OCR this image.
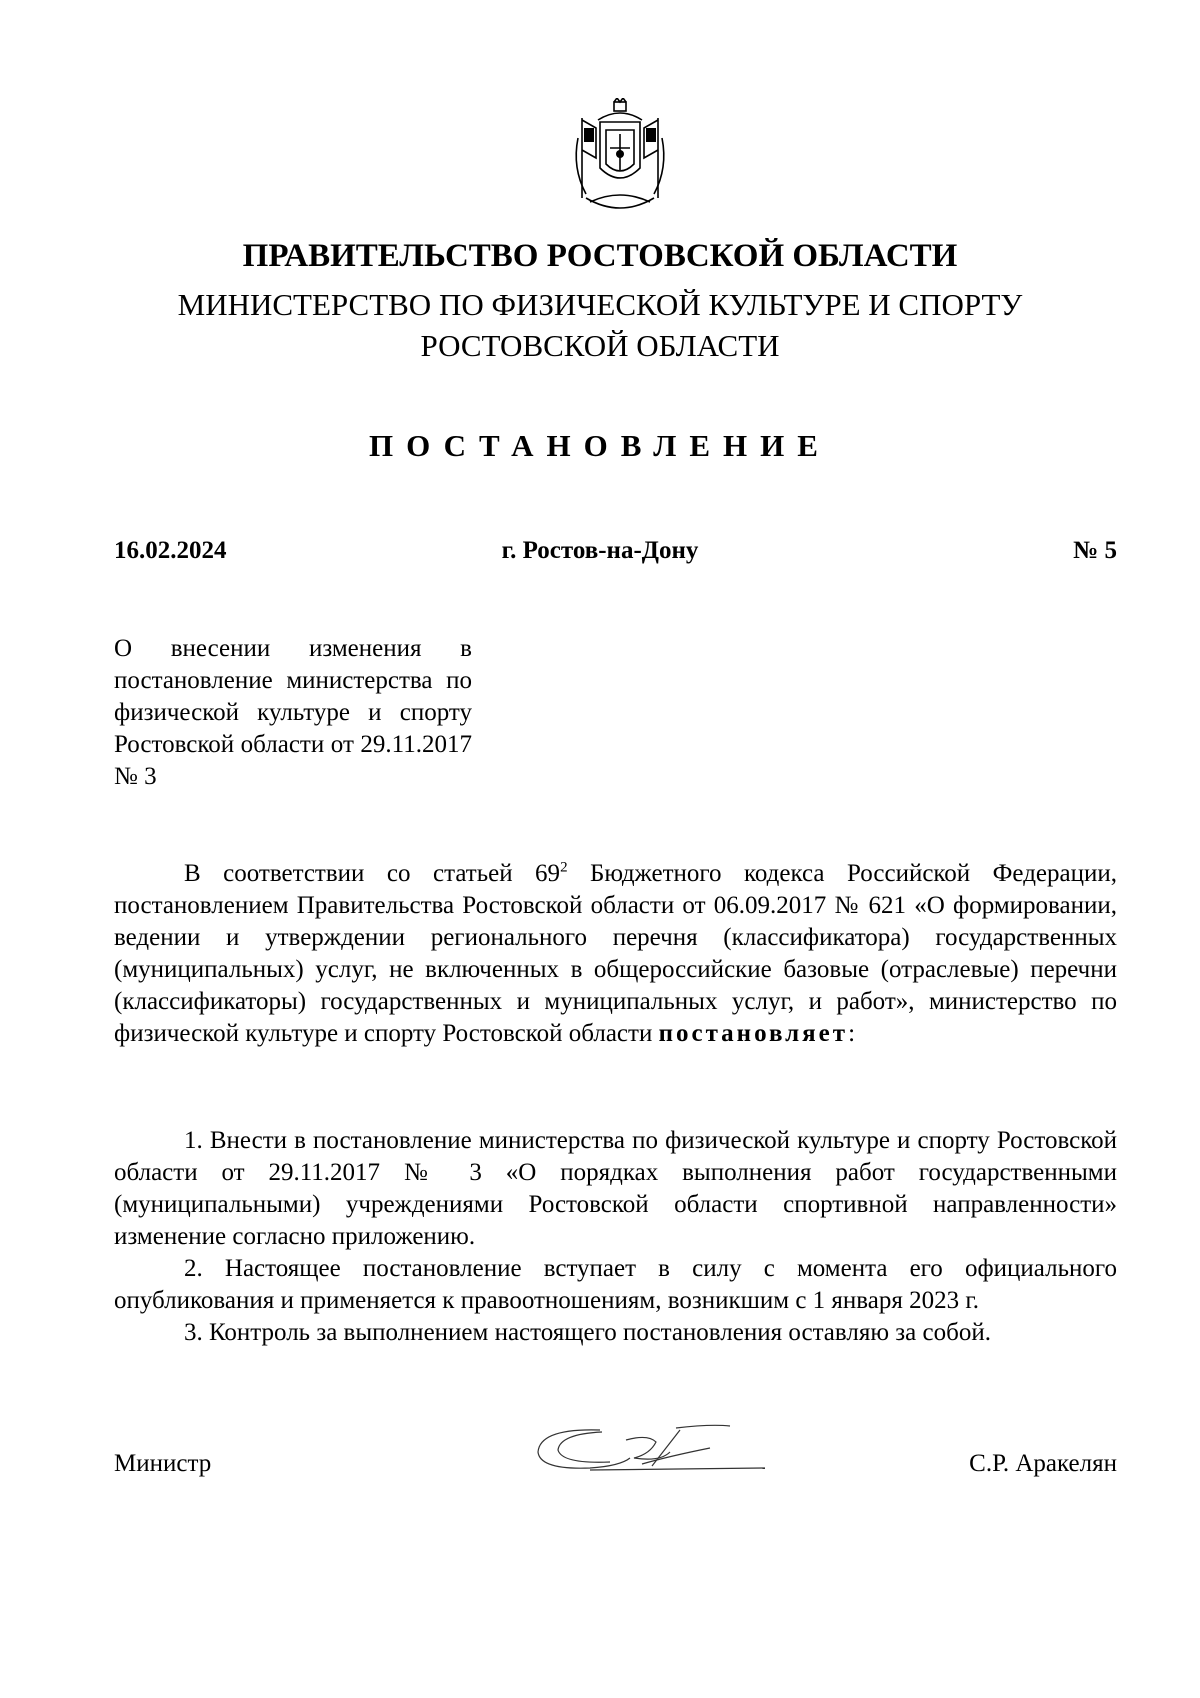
ПРАВИТЕЛЬСТВО РОСТОВСКОЙ ОБЛАСТИ
МИНИСТЕРСТВО ПО ФИЗИЧЕСКОЙ КУЛЬТУРЕ И СПОРТУ
РОСТОВСКОЙ ОБЛАСТИ
ПОСТАНОВЛЕНИЕ
16.02.2024	г. Ростов-на-Дону	№ 5
О внесении изменения в постановление министерства по физической культуре и спорту Ростовской области от 29.11.2017 № 3

В соответствии со статьей $69^2$ Бюджетного кодекса Российской Федерации, постановлением Правительства Ростовской области от 06.09.2017 № 621 «О формировании, ведении и утверждении регионального перечня (классификатора) государственных (муниципальных) услуг, не включенных в общероссийские базовые (отраслевые) перечни (классификаторы) государственных и муниципальных услуг, и работ», министерство по физической культуре и спорту Ростовской области постановляет:

1. Внести в постановление министерства по физической культуре и спорту Ростовской области от 29.11.2017 № 3 «О порядках выполнения работ государственными (муниципальными) учреждениями Ростовской области спортивной направленности» изменение согласно приложению.

2. Настоящее постановление вступает в силу с момента его официального опубликования и применяется к правоотношениям, возникшим с 1 января 2023 г.

3. Контроль за выполнением настоящего постановления оставляю за собой.

Министр	С.Р. Аракелян
